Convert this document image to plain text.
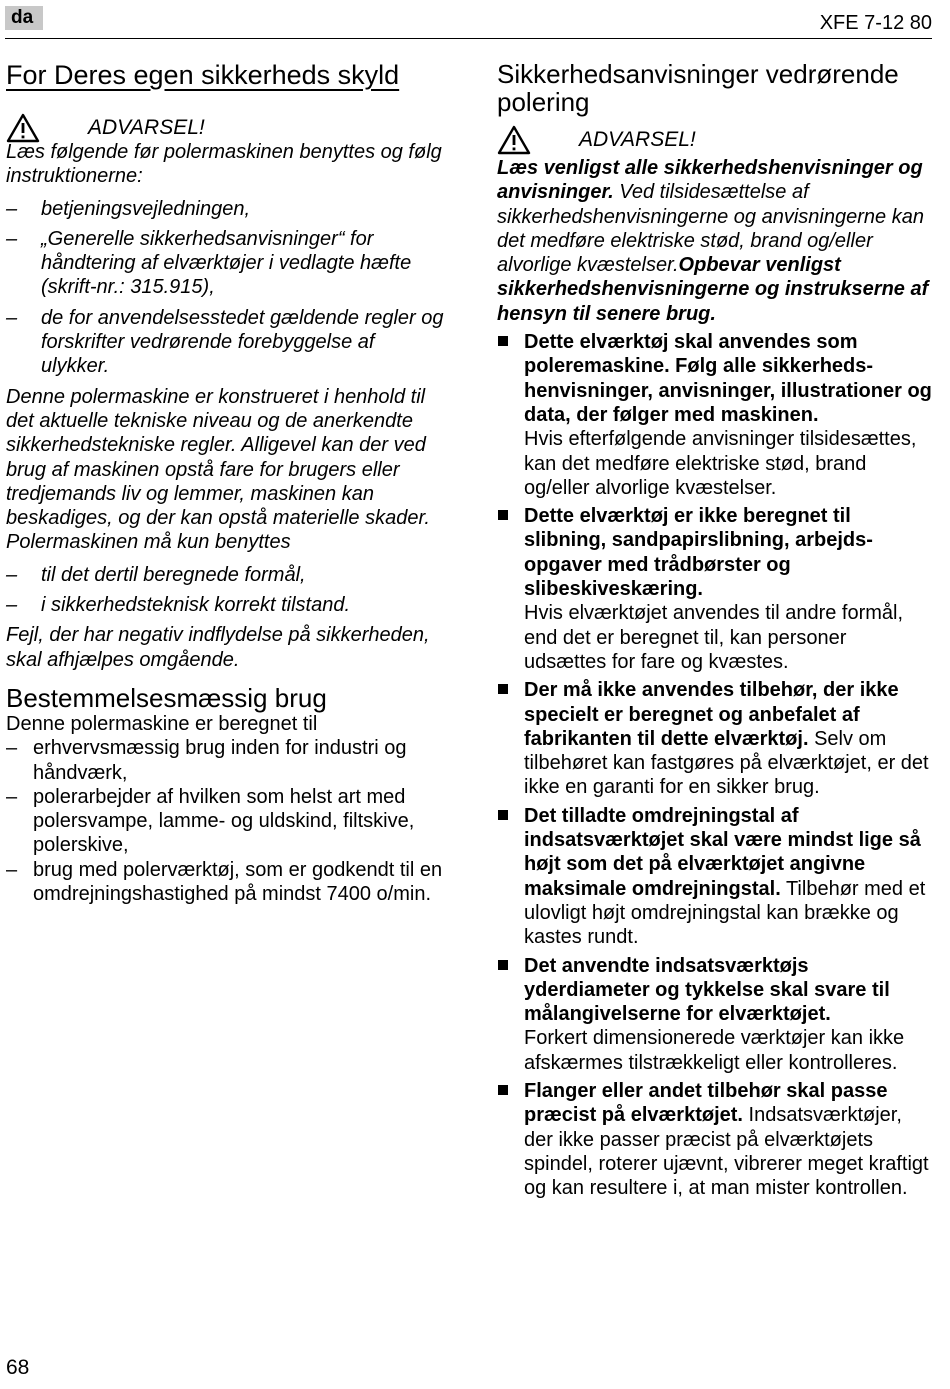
da	XFE 7-12 80
For Deres egen sikkerheds skyld
ADVARSEL!

Læs følgende før polermaskinen benyttes og følg instruktionerne:

– betjeningsvejledningen,
– „Generelle sikkerhedsanvisninger“ for håndtering af elværktøjer i vedlagte hæfte (skrift-nr.: 315.915),
– de for anvendelsesstedet gældende regler og forskrifter vedrørende forebyggelse af ulykker.

Denne polermaskine er konstrueret i henhold til det aktuelle tekniske niveau og de anerkendte sikkerhedstekniske regler. Alligevel kan der ved brug af maskinen opstå fare for brugers eller tredjemands liv og lemmer, maskinen kan beskadiges, og der kan opstå materielle skader. Polermaskinen må kun benyttes

– til det dertil beregnede formål,
– i sikkerhedsteknisk korrekt tilstand.

Fejl, der har negativ indflydelse på sikkerheden, skal afhjælpes omgående.

Bestemmelsesmæssig brug

Denne polermaskine er beregnet til

– erhvervsmæssig brug inden for industri og håndværk,
– polerarbejder af hvilken som helst art med polersvampe, lamme- og uldskind, filtskive, polerskive,
– brug med polerværktøj, som er godkendt til en omdrejningshastighed på mindst 7400 o/min.
Sikkerhedsanvisninger vedrørende polering
ADVARSEL!

Læs venligst alle sikkerhedshenvisninger og anvisninger. Ved tilsidesættelse af sikkerhedshenvisningerne og anvisningerne kan det medføre elektriske stød, brand og/eller alvorlige kvæstelser.Opbevar venligst sikkerhedshenvisningerne og instrukserne af hensyn til senere brug.

Dette elværktøj skal anvendes som poleremaskine. Følg alle sikkerheds-henvisninger, anvisninger, illustrationer og data, der følger med maskinen.
Hvis efterfølgende anvisninger tilsidesættes, kan det medføre elektriske stød, brand og/eller alvorlige kvæstelser.
Dette elværktøj er ikke beregnet til slibning, sandpapirslibning, arbejds-opgaver med trådbørster og slibeskiveskæring.
Hvis elværktøjet anvendes til andre formål, end det er beregnet til, kan personer udsættes for fare og kvæstes.
Der må ikke anvendes tilbehør, der ikke specielt er beregnet og anbefalet af fabrikanten til dette elværktøj. Selv om tilbehøret kan fastgøres på elværktøjet, er det ikke en garanti for en sikker brug.
Det tilladte omdrejningstal af indsatsværktøjet skal være mindst lige så højt som det på elværktøjet angivne maksimale omdrejningstal. Tilbehør med et ulovligt højt omdrejningstal kan brække og kastes rundt.
Det anvendte indsatsværktøjs yderdiameter og tykkelse skal svare til målangivelserne for elværktøjet.
Forkert dimensionerede værktøjer kan ikke afskærmes tilstrækkeligt eller kontrolleres.
Flanger eller andet tilbehør skal passe præcist på elværktøjet. Indsatsværktøjer, der ikke passer præcist på elværktøjets spindel, roterer ujævnt, vibrerer meget kraftigt og kan resultere i, at man mister kontrollen.
68
